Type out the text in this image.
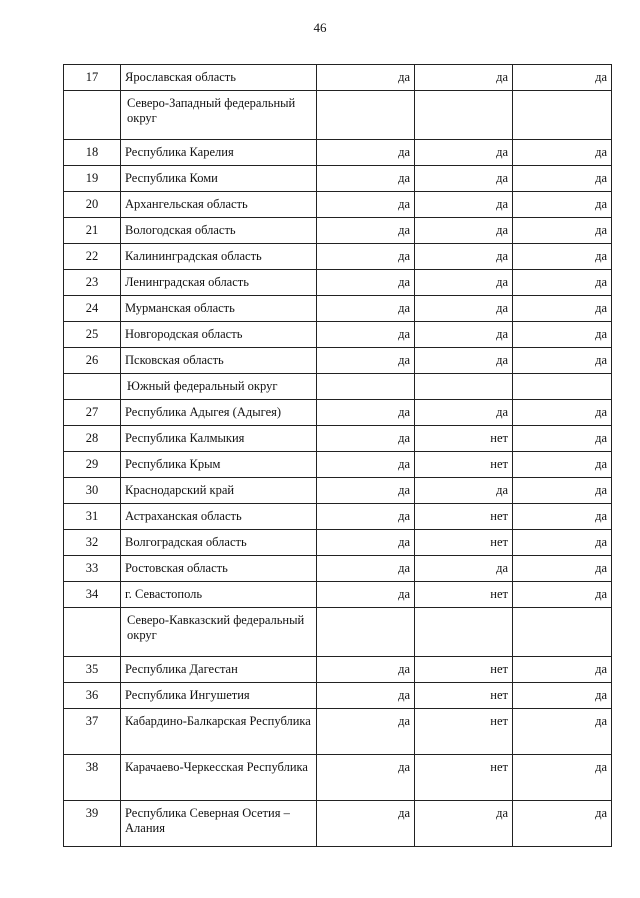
46
17	Ярославская область	да	да	да
	Северо-Западный федеральный округ			
18	Республика Карелия	да	да	да
19	Республика Коми	да	да	да
20	Архангельская область	да	да	да
21	Вологодская область	да	да	да
22	Калининградская область	да	да	да
23	Ленинградская область	да	да	да
24	Мурманская область	да	да	да
25	Новгородская область	да	да	да
26	Псковская область	да	да	да
	Южный федеральный округ			
27	Республика Адыгея (Адыгея)	да	да	да
28	Республика Калмыкия	да	нет	да
29	Республика Крым	да	нет	да
30	Краснодарский край	да	да	да
31	Астраханская область	да	нет	да
32	Волгоградская область	да	нет	да
33	Ростовская область	да	да	да
34	г. Севастополь	да	нет	да
	Северо-Кавказский федеральный округ			
35	Республика Дагестан	да	нет	да
36	Республика Ингушетия	да	нет	да
37	Кабардино-Балкарская Республика	да	нет	да
38	Карачаево-Черкесская Республика	да	нет	да
39	Республика Северная Осетия – Алания	да	да	да
